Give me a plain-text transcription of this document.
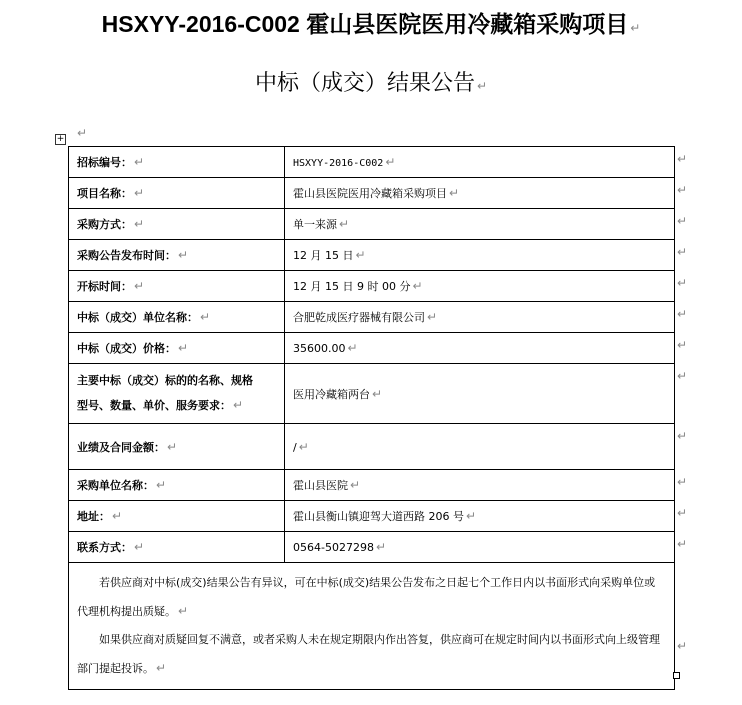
HSXYY-2016-C002 霍山县医院医用冷藏箱采购项目 ↵
中标（成交）结果公告 ↵
+ ↵
招标编号： ↵	HSXYY-2016-C002 ↵
项目名称： ↵	霍山县医院医用冷藏箱采购项目 ↵
采购方式： ↵	单一来源 ↵
采购公告发布时间： ↵	12 月 15 日 ↵
开标时间： ↵	12 月 15 日 9 时 00 分 ↵
中标（成交）单位名称： ↵	合肥乾成医疗器械有限公司 ↵
中标（成交）价格： ↵	35600.00 ↵
主要中标（成交）标的的名称、规格
型号、数量、单价、服务要求： ↵	医用冷藏箱两台 ↵
业绩及合同金额： ↵	/ ↵
采购单位名称： ↵	霍山县医院 ↵
地址： ↵	霍山县衡山镇迎驾大道西路 206 号 ↵
联系方式： ↵	0564-5027298 ↵

若供应商对中标(成交)结果公告有异议，可在中标(成交)结果公告发布之日起七个工作日内以书面形式向采购单位或代理机构提出质疑。 ↵

如果供应商对质疑回复不满意，或者采购人未在规定期限内作出答复，供应商可在规定时间内以书面形式向上级管理部门提起投诉。 ↵	

↵
↵
↵
↵
↵
↵
↵
↵
↵
↵
↵
↵
↵
